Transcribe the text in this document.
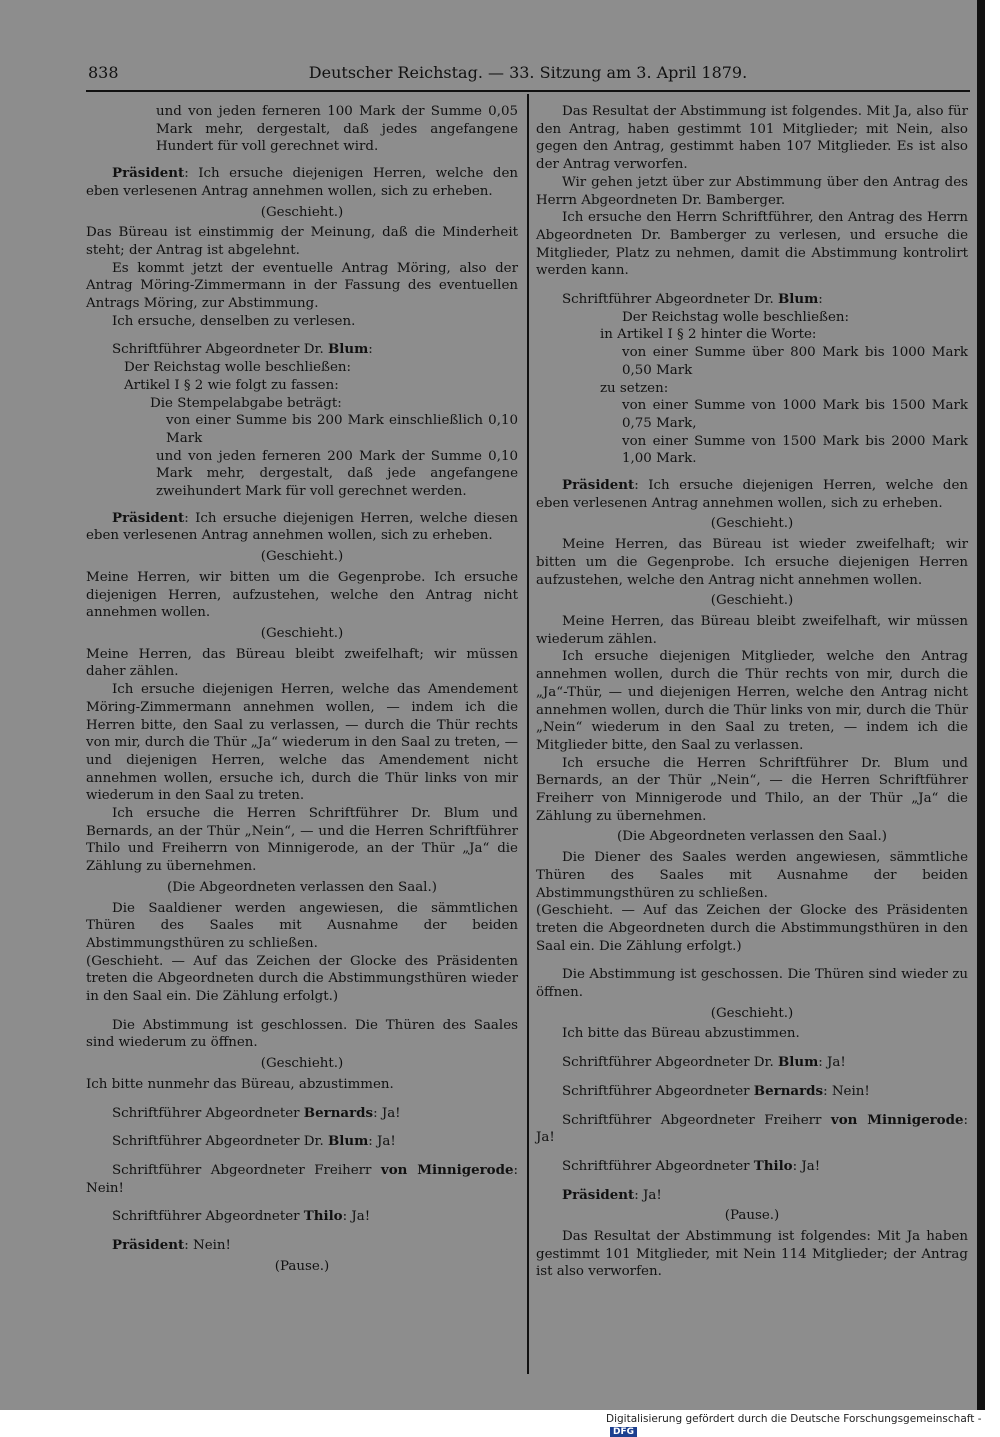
838	Deutscher Reichstag. — 33. Sitzung am 3. April 1879.

und von jeden ferneren 100 Mark der Summe 0,05 Mark mehr, dergestalt, daß jedes angefangene Hundert für voll gerechnet wird.

Präsident: Ich ersuche diejenigen Herren, welche den eben verlesenen Antrag annehmen wollen, sich zu erheben.

(Geschieht.)

Das Büreau ist einstimmig der Meinung, daß die Minderheit steht; der Antrag ist abgelehnt.

Es kommt jetzt der eventuelle Antrag Möring, also der Antrag Möring-Zimmermann in der Fassung des eventuellen Antrags Möring, zur Abstimmung.

Ich ersuche, denselben zu verlesen.

Schriftführer Abgeordneter Dr. Blum:

Der Reichstag wolle beschließen:

Artikel I § 2 wie folgt zu fassen:

Die Stempelabgabe beträgt:

von einer Summe bis 200 Mark einschließlich 0,10 Mark

und von jeden ferneren 200 Mark der Summe 0,10 Mark mehr, dergestalt, daß jede angefangene zweihundert Mark für voll gerechnet werden.

Präsident: Ich ersuche diejenigen Herren, welche diesen eben verlesenen Antrag annehmen wollen, sich zu erheben.

(Geschieht.)

Meine Herren, wir bitten um die Gegenprobe. Ich ersuche diejenigen Herren, aufzustehen, welche den Antrag nicht annehmen wollen.

(Geschieht.)

Meine Herren, das Büreau bleibt zweifelhaft; wir müssen daher zählen.

Ich ersuche diejenigen Herren, welche das Amendement Möring-Zimmermann annehmen wollen, — indem ich die Herren bitte, den Saal zu verlassen, — durch die Thür rechts von mir, durch die Thür „Ja“ wiederum in den Saal zu treten, — und diejenigen Herren, welche das Amendement nicht annehmen wollen, ersuche ich, durch die Thür links von mir wiederum in den Saal zu treten.

Ich ersuche die Herren Schriftführer Dr. Blum und Bernards, an der Thür „Nein“, — und die Herren Schriftführer Thilo und Freiherrn von Minnigerode, an der Thür „Ja“ die Zählung zu übernehmen.

(Die Abgeordneten verlassen den Saal.)

Die Saaldiener werden angewiesen, die sämmtlichen Thüren des Saales mit Ausnahme der beiden Abstimmungsthüren zu schließen.

(Geschieht. — Auf das Zeichen der Glocke des Präsidenten treten die Abgeordneten durch die Abstimmungsthüren wieder in den Saal ein. Die Zählung erfolgt.)

Die Abstimmung ist geschlossen. Die Thüren des Saales sind wiederum zu öffnen.

(Geschieht.)

Ich bitte nunmehr das Büreau, abzustimmen.

Schriftführer Abgeordneter Bernards: Ja!

Schriftführer Abgeordneter Dr. Blum: Ja!

Schriftführer Abgeordneter Freiherr von Minnigerode: Nein!

Schriftführer Abgeordneter Thilo: Ja!

Präsident: Nein!

(Pause.)

Das Resultat der Abstimmung ist folgendes. Mit Ja, also für den Antrag, haben gestimmt 101 Mitglieder; mit Nein, also gegen den Antrag, gestimmt haben 107 Mitglieder. Es ist also der Antrag verworfen.

Wir gehen jetzt über zur Abstimmung über den Antrag des Herrn Abgeordneten Dr. Bamberger.

Ich ersuche den Herrn Schriftführer, den Antrag des Herrn Abgeordneten Dr. Bamberger zu verlesen, und ersuche die Mitglieder, Platz zu nehmen, damit die Abstimmung kontrolirt werden kann.

Schriftführer Abgeordneter Dr. Blum:

Der Reichstag wolle beschließen:

in Artikel I § 2 hinter die Worte:

von einer Summe über 800 Mark bis 1000 Mark 0,50 Mark

zu setzen:

von einer Summe von 1000 Mark bis 1500 Mark 0,75 Mark,

von einer Summe von 1500 Mark bis 2000 Mark 1,00 Mark.

Präsident: Ich ersuche diejenigen Herren, welche den eben verlesenen Antrag annehmen wollen, sich zu erheben.

(Geschieht.)

Meine Herren, das Büreau ist wieder zweifelhaft; wir bitten um die Gegenprobe. Ich ersuche diejenigen Herren aufzustehen, welche den Antrag nicht annehmen wollen.

(Geschieht.)

Meine Herren, das Büreau bleibt zweifelhaft, wir müssen wiederum zählen.

Ich ersuche diejenigen Mitglieder, welche den Antrag annehmen wollen, durch die Thür rechts von mir, durch die „Ja“-Thür, — und diejenigen Herren, welche den Antrag nicht annehmen wollen, durch die Thür links von mir, durch die Thür „Nein“ wiederum in den Saal zu treten, — indem ich die Mitglieder bitte, den Saal zu verlassen.

Ich ersuche die Herren Schriftführer Dr. Blum und Bernards, an der Thür „Nein“, — die Herren Schriftführer Freiherr von Minnigerode und Thilo, an der Thür „Ja“ die Zählung zu übernehmen.

(Die Abgeordneten verlassen den Saal.)

Die Diener des Saales werden angewiesen, sämmtliche Thüren des Saales mit Ausnahme der beiden Abstimmungsthüren zu schließen.

(Geschieht. — Auf das Zeichen der Glocke des Präsidenten treten die Abgeordneten durch die Abstimmungsthüren in den Saal ein. Die Zählung erfolgt.)

Die Abstimmung ist geschossen. Die Thüren sind wieder zu öffnen.

(Geschieht.)

Ich bitte das Büreau abzustimmen.

Schriftführer Abgeordneter Dr. Blum: Ja!

Schriftführer Abgeordneter Bernards: Nein!

Schriftführer Abgeordneter Freiherr von Minnigerode: Ja!

Schriftführer Abgeordneter Thilo: Ja!

Präsident: Ja!

(Pause.)

Das Resultat der Abstimmung ist folgendes: Mit Ja haben gestimmt 101 Mitglieder, mit Nein 114 Mitglieder; der Antrag ist also verworfen.

Digitalisierung gefördert durch die Deutsche Forschungsgemeinschaft -DFG
